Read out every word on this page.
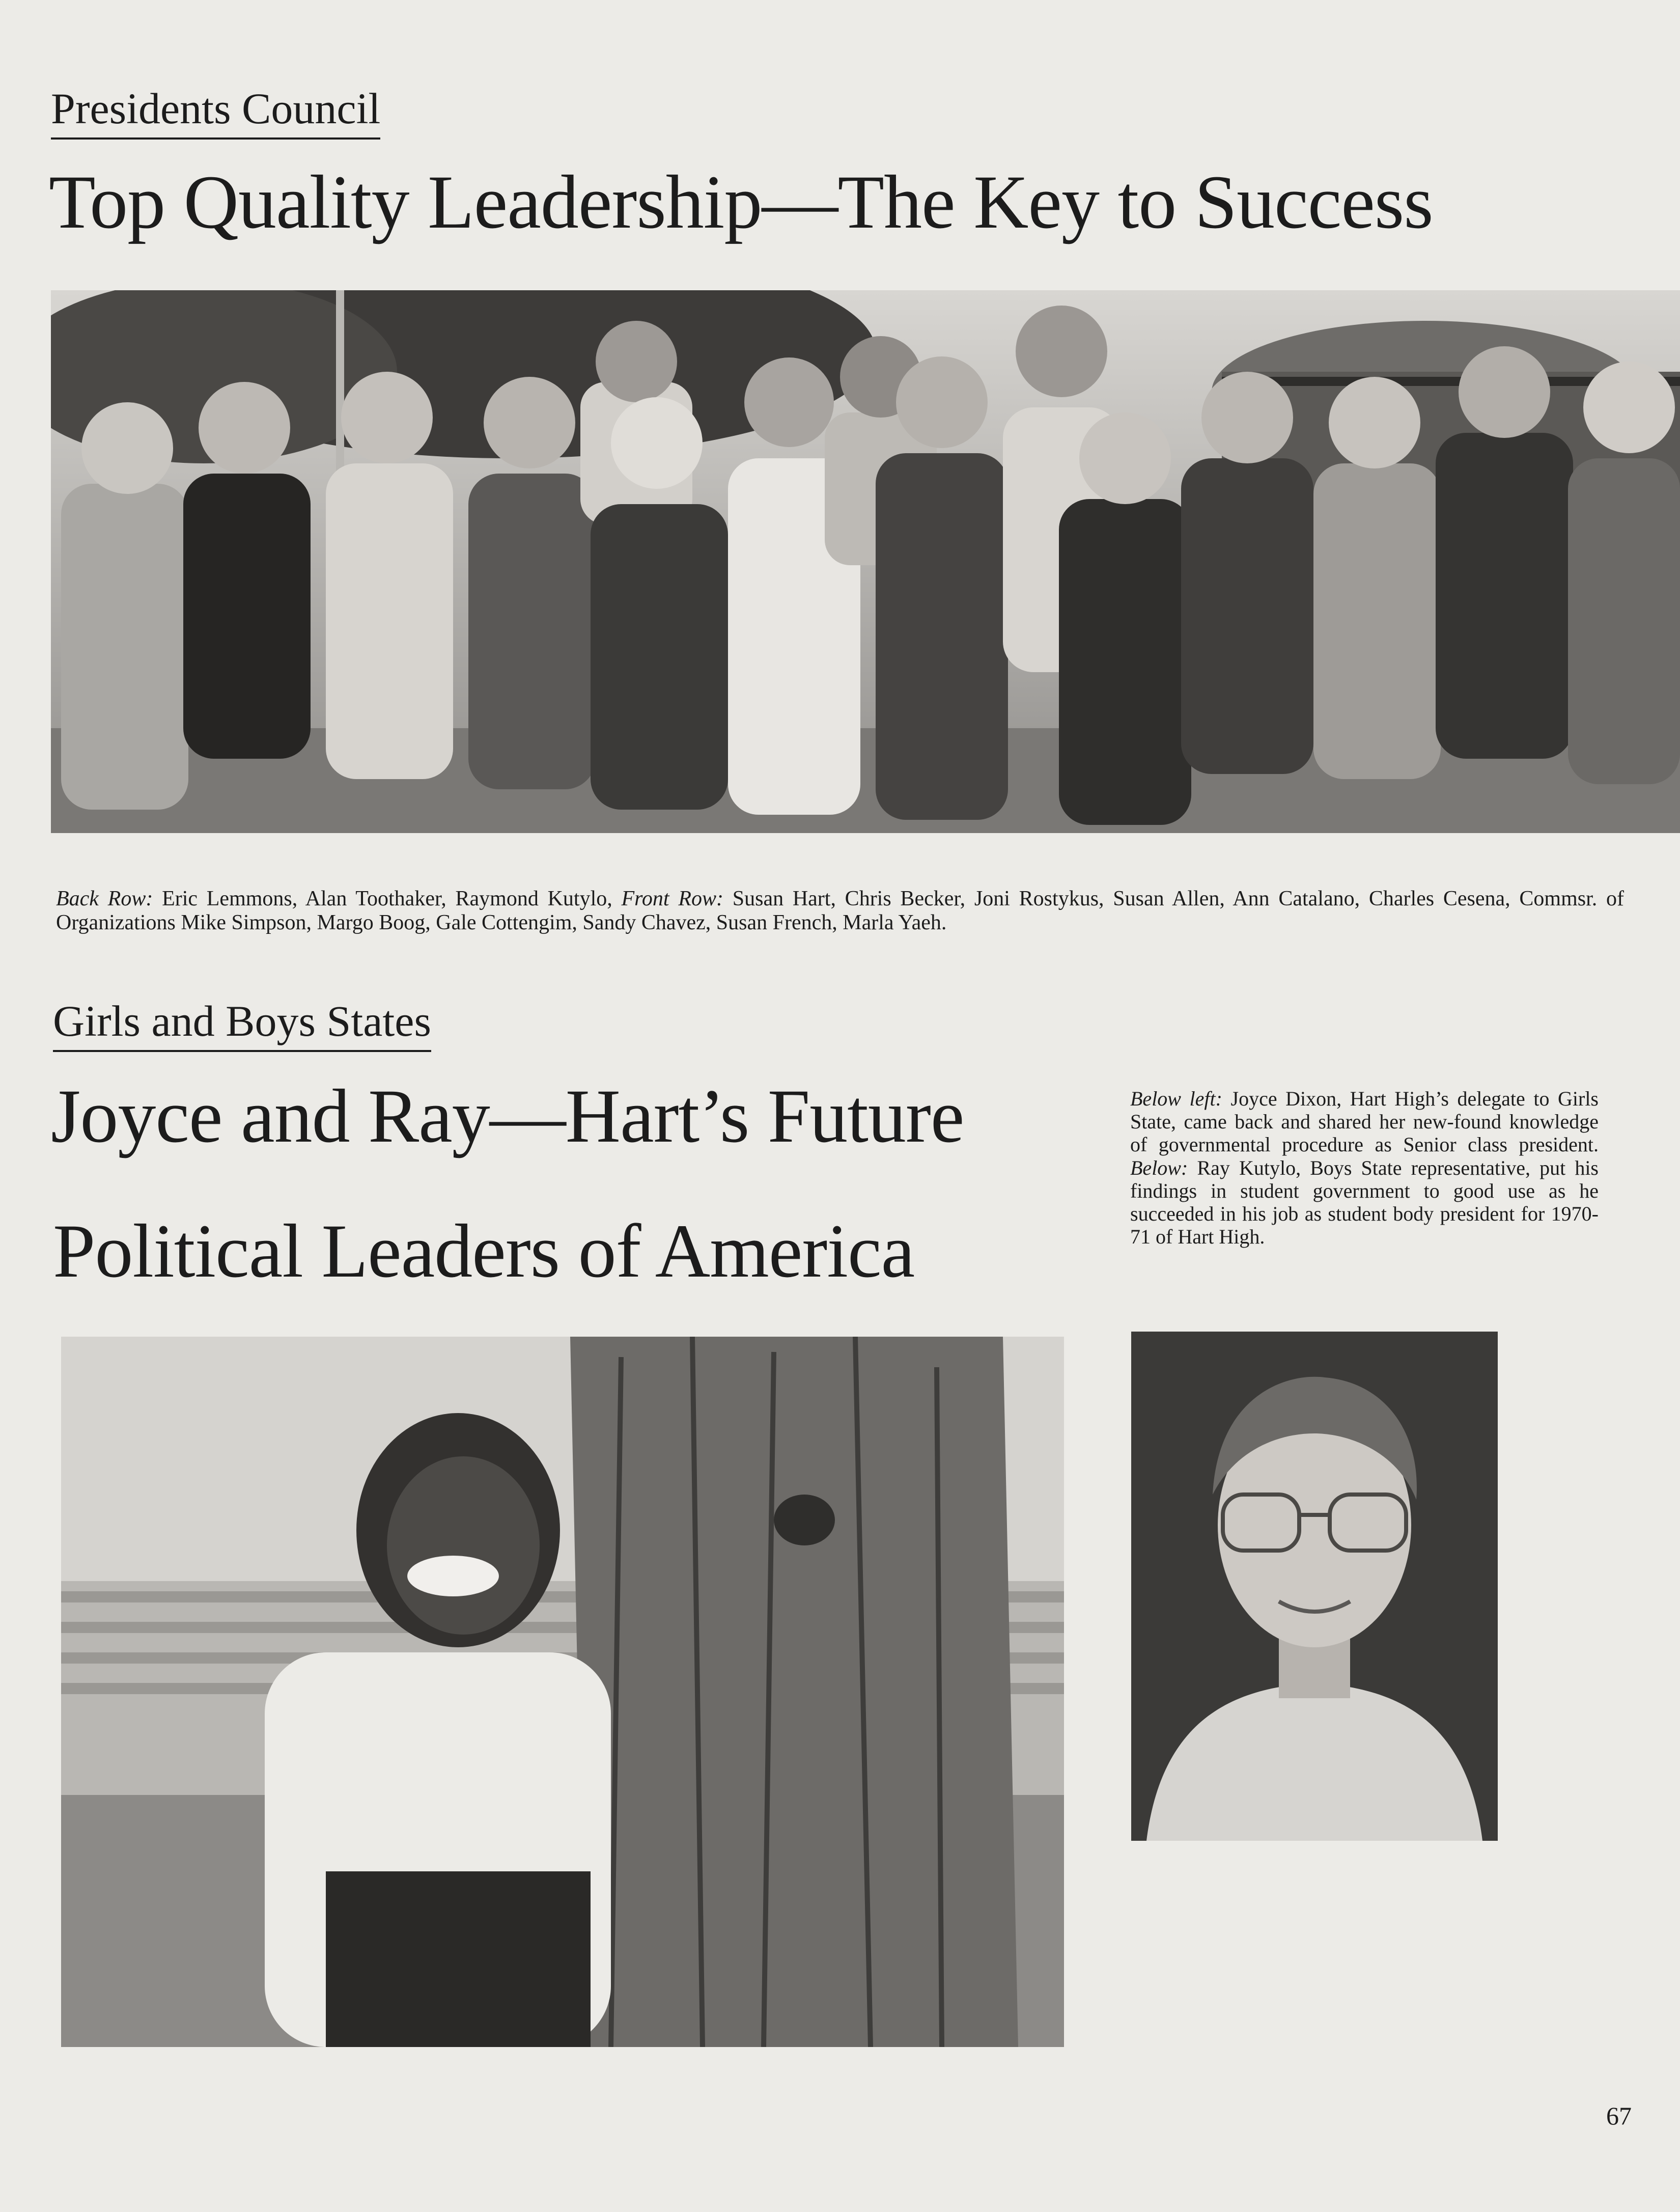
Presidents Council
Top Quality Leadership—The Key to Success
Back Row: Eric Lemmons, Alan Toothaker, Raymond Kutylo, Front Row: Susan Hart, Chris Becker, Joni Rostykus, Susan Allen, Ann Catalano, Charles Cesena, Commsr. of Organizations Mike Simpson, Margo Boog, Gale Cottengim, Sandy Chavez, Susan French, Marla Yaeh.
Girls and Boys States
Joyce and Ray—Hart’s Future
Political Leaders of America
Below left: Joyce Dixon, Hart High’s delegate to Girls State, came back and shared her new-found knowledge of governmental procedure as Senior class president. Below: Ray Kutylo, Boys State representative, put his findings in student government to good use as he succeeded in his job as student body president for 1970-71 of Hart High.
67
